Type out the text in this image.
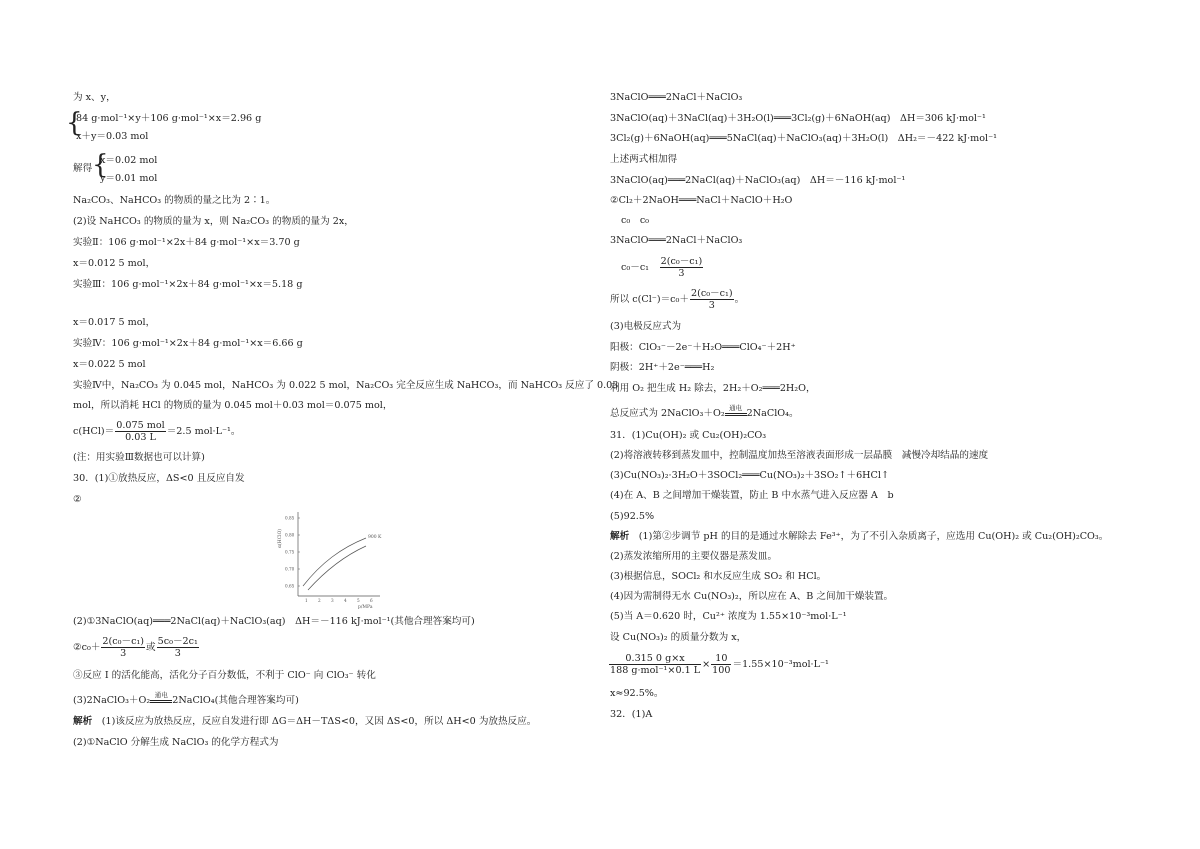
为 x、y，
{
84 g·mol⁻¹×y＋106 g·mol⁻¹×x＝2.96 g
x＋y＝0.03 mol
解得 {
x＝0.02 mol
y＝0.01 mol
Na₂CO₃、NaHCO₃ 的物质的量之比为 2∶1。
(2)设 NaHCO₃ 的物质的量为 x，则 Na₂CO₃ 的物质的量为 2x，
实验Ⅱ：106 g·mol⁻¹×2x＋84 g·mol⁻¹×x＝3.70 g
x＝0.012 5 mol，
实验Ⅲ：106 g·mol⁻¹×2x＋84 g·mol⁻¹×x＝5.18 g
x＝0.017 5 mol，
实验Ⅳ：106 g·mol⁻¹×2x＋84 g·mol⁻¹×x＝6.66 g
x＝0.022 5 mol
实验Ⅳ中，Na₂CO₃ 为 0.045 mol，NaHCO₃ 为 0.022 5 mol，Na₂CO₃ 完全反应生成 NaHCO₃，而 NaHCO₃ 反应了 0.03
mol，所以消耗 HCl 的物质的量为 0.045 mol＋0.03 mol＝0.075 mol，
$c(HCl)= \frac{\text{0.075 mol}}{0.03 L} =2.5$ mol·L⁻¹。
(注：用实验Ⅲ数据也可以计算)
30．(1)①放热反应，ΔS<0 且反应自发
②
α(HClO)
0.85
0.80
0.75
0.70
0.65
1 2 3 4 5 6
900 K
p/MPa
(2)①3NaClO(aq)═══2NaCl(aq)＋NaClO₃(aq)　ΔH＝－116 kJ·mol⁻¹(其他合理答案均可)
②c₀＋ $\frac{\text{2(c₀－c₁)}}{3}$ 或 $\frac{\text{5c₀－2c₁}}{3}$
③反应 I 的活化能高，活化分子百分数低，不利于 ClO⁻ 向 ClO₃⁻ 转化
(3)2NaClO₃＋O₂ $^{通电}$ 2NaClO₄(其他合理答案均可)
解析　(1)该反应为放热反应，反应自发进行即 ΔG＝ΔH－TΔS<0，又因 ΔS<0，所以 ΔH<0 为放热反应。
(2)①NaClO 分解生成 NaClO₃ 的化学方程式为
3NaClO═══2NaCl＋NaClO₃
3NaClO(aq)＋3NaCl(aq)＋3H₂O(l)═══3Cl₂(g)＋6NaOH(aq)　ΔH＝306 kJ·mol⁻¹
3Cl₂(g)＋6NaOH(aq)═══5NaCl(aq)＋NaClO₃(aq)＋3H₂O(l)　ΔH₂＝－422 kJ·mol⁻¹
上述两式相加得
3NaClO(aq)═══2NaCl(aq)＋NaClO₃(aq)　ΔH＝－116 kJ·mol⁻¹
②Cl₂＋2NaOH═══NaCl＋NaClO＋H₂O
c₀　c₀
3NaClO═══2NaCl＋NaClO₃
c₀－c₁　 $\frac{\text{2(c₀－c₁)}}{3}$
所以 $c(Cl^-)=c_0+ \frac{\text{2(c₀－c₁)}}{3}$ 。
(3)电极反应式为
阳极：ClO₃⁻－2e⁻＋H₂O═══ClO₄⁻＋2H⁺
阴极：2H⁺＋2e⁻═══H₂
利用 O₂ 把生成 H₂ 除去，2H₂＋O₂═══2H₂O，
总反应式为 2NaClO₃＋O₂ $^{通电}$ 2NaClO₄。
31．(1)Cu(OH)₂ 或 Cu₂(OH)₂CO₃
(2)将溶液转移到蒸发皿中，控制温度加热至溶液表面形成一层晶膜　减慢冷却结晶的速度
(3)Cu(NO₃)₂·3H₂O＋3SOCl₂═══Cu(NO₃)₂＋3SO₂↑＋6HCl↑
(4)在 A、B 之间增加干燥装置，防止 B 中水蒸气进入反应器 A　b
(5)92.5%
解析　(1)第②步调节 pH 的目的是通过水解除去 Fe³⁺，为了不引入杂质离子，应选用 Cu(OH)₂ 或 Cu₂(OH)₂CO₃。
(2)蒸发浓缩所用的主要仪器是蒸发皿。
(3)根据信息，SOCl₂ 和水反应生成 SO₂ 和 HCl。
(4)因为需制得无水 Cu(NO₃)₂，所以应在 A、B 之间加干燥装置。
(5)当 A＝0.620 时，Cu²⁺ 浓度为 1.55×10⁻³mol·L⁻¹
设 Cu(NO₃)₂ 的质量分数为 x，
$\frac{0.315 0 g\times x}{\text{188 g·mol⁻¹×0.1 L}} \times \frac{10}{100} =1.55\times 10^{-3}mol\cdot L^{-1}$
x≈92.5%。
32．(1)A
